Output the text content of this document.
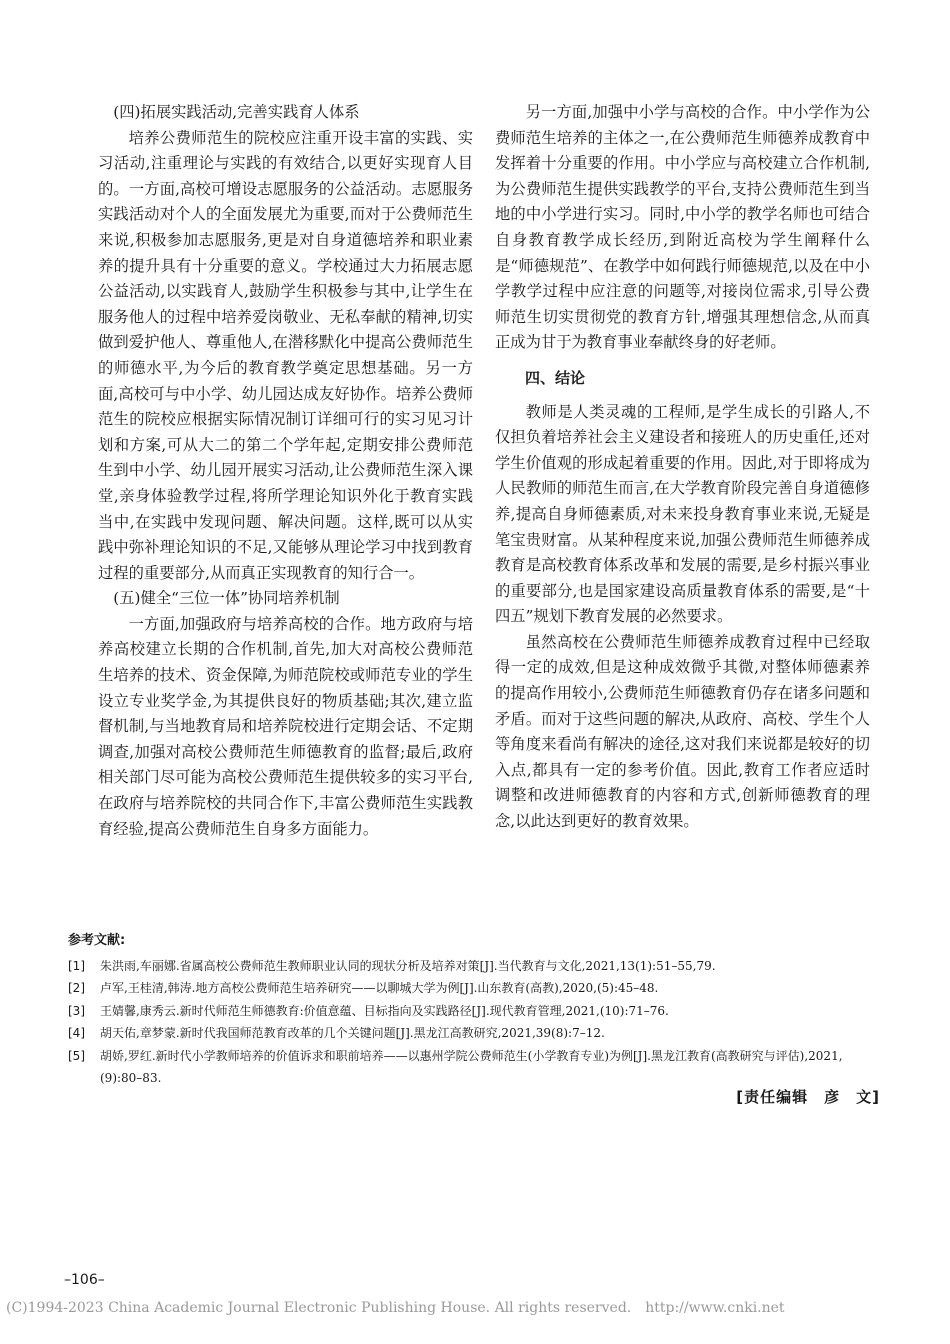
(四)拓展实践活动,完善实践育人体系

培养公费师范生的院校应注重开设丰富的实践、实习活动,注重理论与实践的有效结合,以更好实现育人目的。一方面,高校可增设志愿服务的公益活动。志愿服务实践活动对个人的全面发展尤为重要,而对于公费师范生来说,积极参加志愿服务,更是对自身道德培养和职业素养的提升具有十分重要的意义。学校通过大力拓展志愿公益活动,以实践育人,鼓励学生积极参与其中,让学生在服务他人的过程中培养爱岗敬业、无私奉献的精神,切实做到爱护他人、尊重他人,在潜移默化中提高公费师范生的师德水平,为今后的教育教学奠定思想基础。另一方面,高校可与中小学、幼儿园达成友好协作。培养公费师范生的院校应根据实际情况制订详细可行的实习见习计划和方案,可从大二的第二个学年起,定期安排公费师范生到中小学、幼儿园开展实习活动,让公费师范生深入课堂,亲身体验教学过程,将所学理论知识外化于教育实践当中,在实践中发现问题、解决问题。这样,既可以从实践中弥补理论知识的不足,又能够从理论学习中找到教育过程的重要部分,从而真正实现教育的知行合一。

(五)健全“三位一体”协同培养机制

一方面,加强政府与培养高校的合作。地方政府与培养高校建立长期的合作机制,首先,加大对高校公费师范生培养的技术、资金保障,为师范院校或师范专业的学生设立专业奖学金,为其提供良好的物质基础;其次,建立监督机制,与当地教育局和培养院校进行定期会话、不定期调查,加强对高校公费师范生师德教育的监督;最后,政府相关部门尽可能为高校公费师范生提供较多的实习平台,在政府与培养院校的共同合作下,丰富公费师范生实践教育经验,提高公费师范生自身多方面能力。

另一方面,加强中小学与高校的合作。中小学作为公费师范生培养的主体之一,在公费师范生师德养成教育中发挥着十分重要的作用。中小学应与高校建立合作机制,为公费师范生提供实践教学的平台,支持公费师范生到当地的中小学进行实习。同时,中小学的教学名师也可结合自身教育教学成长经历,到附近高校为学生阐释什么是“师德规范”、在教学中如何践行师德规范,以及在中小学教学过程中应注意的问题等,对接岗位需求,引导公费师范生切实贯彻党的教育方针,增强其理想信念,从而真正成为甘于为教育事业奉献终身的好老师。

四、结论

教师是人类灵魂的工程师,是学生成长的引路人,不仅担负着培养社会主义建设者和接班人的历史重任,还对学生价值观的形成起着重要的作用。因此,对于即将成为人民教师的师范生而言,在大学教育阶段完善自身道德修养,提高自身师德素质,对未来投身教育事业来说,无疑是笔宝贵财富。从某种程度来说,加强公费师范生师德养成教育是高校教育体系改革和发展的需要,是乡村振兴事业的重要部分,也是国家建设高质量教育体系的需要,是“十四五”规划下教育发展的必然要求。

虽然高校在公费师范生师德养成教育过程中已经取得一定的成效,但是这种成效微乎其微,对整体师德素养的提高作用较小,公费师范生师德教育仍存在诸多问题和矛盾。而对于这些问题的解决,从政府、高校、学生个人等角度来看尚有解决的途径,这对我们来说都是较好的切入点,都具有一定的参考价值。因此,教育工作者应适时调整和改进师德教育的内容和方式,创新师德教育的理念,以此达到更好的教育效果。

参考文献:
[1]	朱洪雨,车丽娜.省属高校公费师范生教师职业认同的现状分析及培养对策[J].当代教育与文化,2021,13(1):51–55,79.
[2]	卢军,王桂清,韩涛.地方高校公费师范生培养研究——以聊城大学为例[J].山东教育(高教),2020,(5):45–48.
[3]	王婧馨,康秀云.新时代师范生师德教育:价值意蕴、目标指向及实践路径[J].现代教育管理,2021,(10):71–76.
[4]	胡天佑,章梦蒙.新时代我国师范教育改革的几个关键问题[J].黑龙江高教研究,2021,39(8):7–12.
[5]	胡娇,罗红.新时代小学教师培养的价值诉求和职前培养——以惠州学院公费师范生(小学教育专业)为例[J].黑龙江教育(高教研究与评估),2021,(9):80–83.
[责任编辑　彦　文]
–106–
(C)1994-2023 China Academic Journal Electronic Publishing House. All rights reserved.　http://www.cnki.net
